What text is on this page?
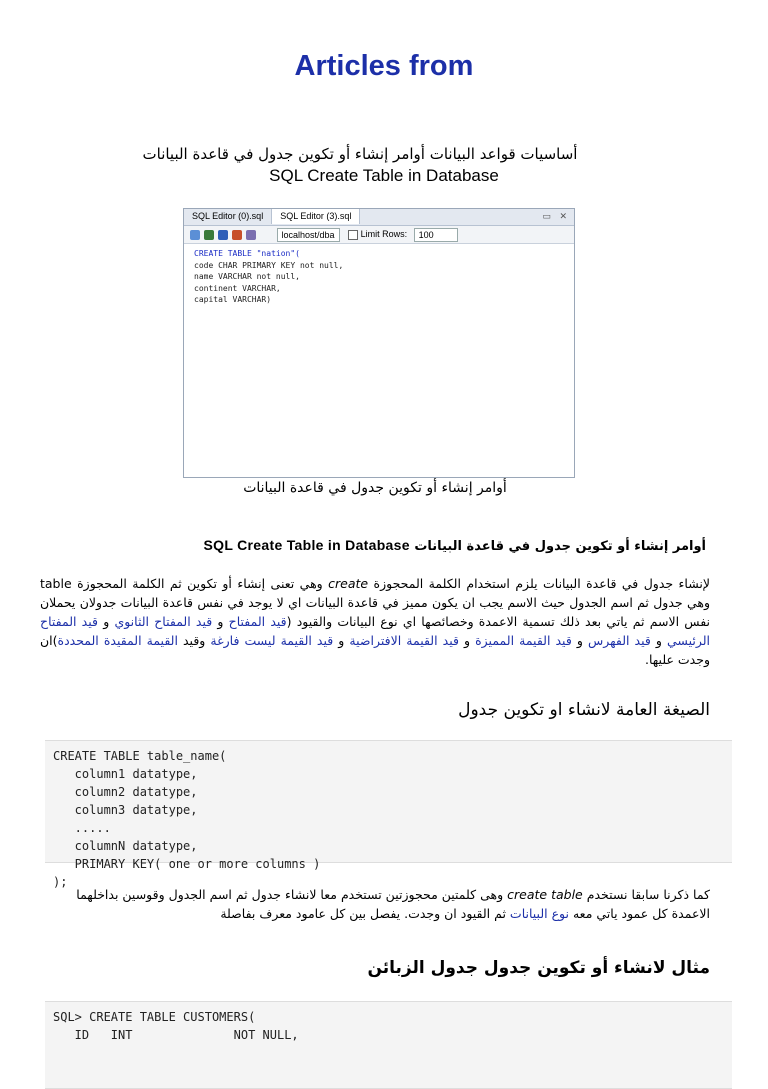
Articles from
أساسيات قواعد البيانات أوامر إنشاء أو تكوين جدول في قاعدة البيانات
SQL Create Table in Database
SQL Editor (0).sql SQL Editor (3).sql	▭ ✕
localhost/dba	Limit Rows: 100
CREATE TABLE "nation"(
code CHAR PRIMARY KEY not null,
name VARCHAR not null,
continent VARCHAR,
capital VARCHAR)
أوامر إنشاء أو تكوين جدول في قاعدة البيانات
أوامر إنشاء أو تكوين جدول في قاعدة البيانات SQL Create Table in Database
لإنشاء جدول في قاعدة البيانات يلزم استخدام الكلمة المحجوزة create وهي تعنى إنشاء أو تكوين ثم الكلمة المحجوزة table وهي جدول ثم اسم الجدول حيث الاسم يجب ان يكون مميز في قاعدة البيانات اي لا يوجد في نفس قاعدة البيانات جدولان يحملان نفس الاسم ثم ياتي بعد ذلك تسمية الاعمدة وخصائصها اي نوع البيانات والقيود (قيد المفتاح و قيد المفتاح الثانوي و قيد المفتاح الرئيسي و قيد الفهرس و قيد القيمة المميزة و قيد القيمة الافتراضية و قيد القيمة ليست فارغة وقيد القيمة المقيدة المحددة)ان وجدت عليها.
الصيغة العامة لانشاء او تكوين جدول
CREATE TABLE table_name(
column1 datatype,
column2 datatype,
column3 datatype,
.....
columnN datatype,
PRIMARY KEY( one or more columns )
);
كما ذكرنا سابقا نستخدم create table وهى كلمتين محجوزتين تستخدم معا لانشاء جدول ثم اسم الجدول وقوسين بداخلهما الاعمدة كل عمود ياتي معه نوع البيانات ثم القيود ان وجدت. يفصل بين كل عامود معرف بفاصلة
مثال لانشاء أو تكوين جدول جدول الزبائن
SQL> CREATE TABLE CUSTOMERS(
ID   INT              NOT NULL,
